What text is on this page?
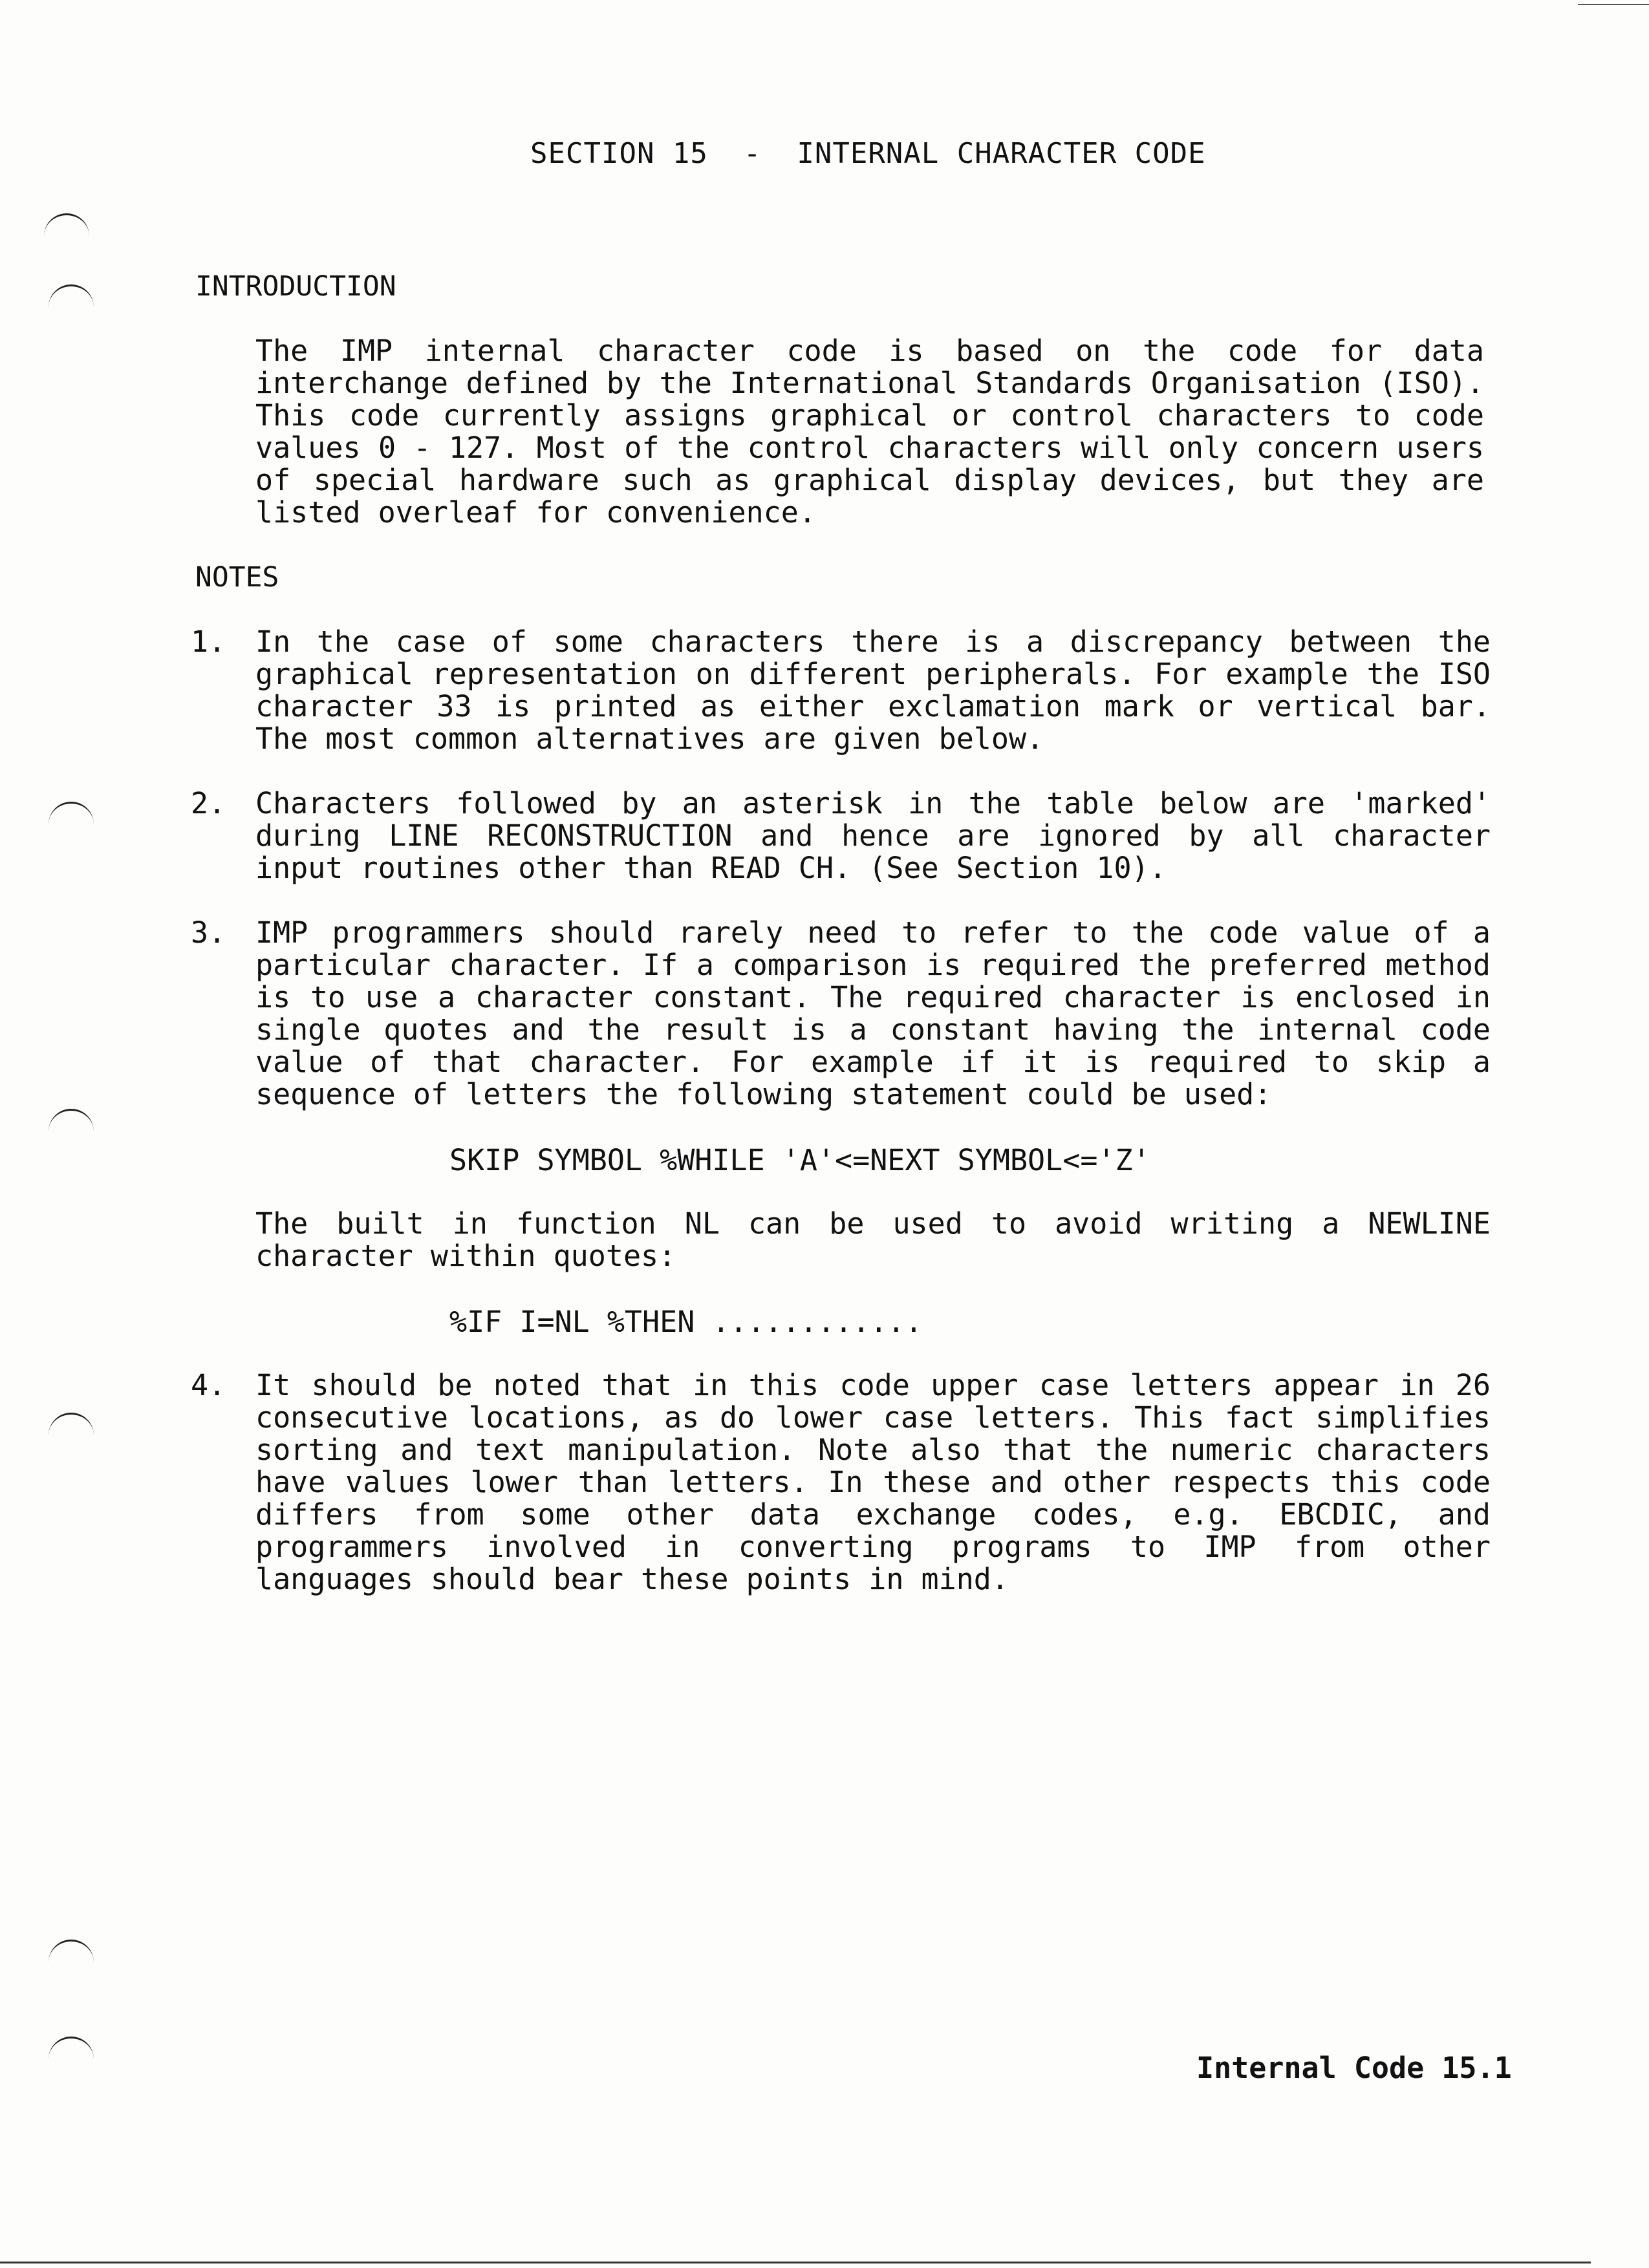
SECTION 15  -  INTERNAL CHARACTER CODE
INTRODUCTION
The IMP internal character code is based on the code for data interchange defined by the International Standards Organisation (ISO). This code currently assigns graphical or control characters to code values 0 - 127. Most of the control characters will only concern users of special hardware such as graphical display devices, but they are listed overleaf for convenience.
NOTES
1. In the case of some characters there is a discrepancy between the graphical representation on different peripherals. For example the ISO character 33 is printed as either exclamation mark or vertical bar. The most common alternatives are given below.
2. Characters followed by an asterisk in the table below are 'marked' during LINE RECONSTRUCTION and hence are ignored by all character input routines other than READ CH. (See Section 10).
3. IMP programmers should rarely need to refer to the code value of a particular character. If a comparison is required the preferred method is to use a character constant. The required character is enclosed in single quotes and the result is a constant having the internal code value of that character. For example if it is required to skip a sequence of letters the following statement could be used:
SKIP SYMBOL %WHILE 'A'<=NEXT SYMBOL<='Z'
The built in function NL can be used to avoid writing a NEWLINE character within quotes:
%IF I=NL %THEN ............
4. It should be noted that in this code upper case letters appear in 26 consecutive locations, as do lower case letters. This fact simplifies sorting and text manipulation. Note also that the numeric characters have values lower than letters. In these and other respects this code differs from some other data exchange codes, e.g. EBCDIC, and programmers involved in converting programs to IMP from other languages should bear these points in mind.
Internal Code 15.1
